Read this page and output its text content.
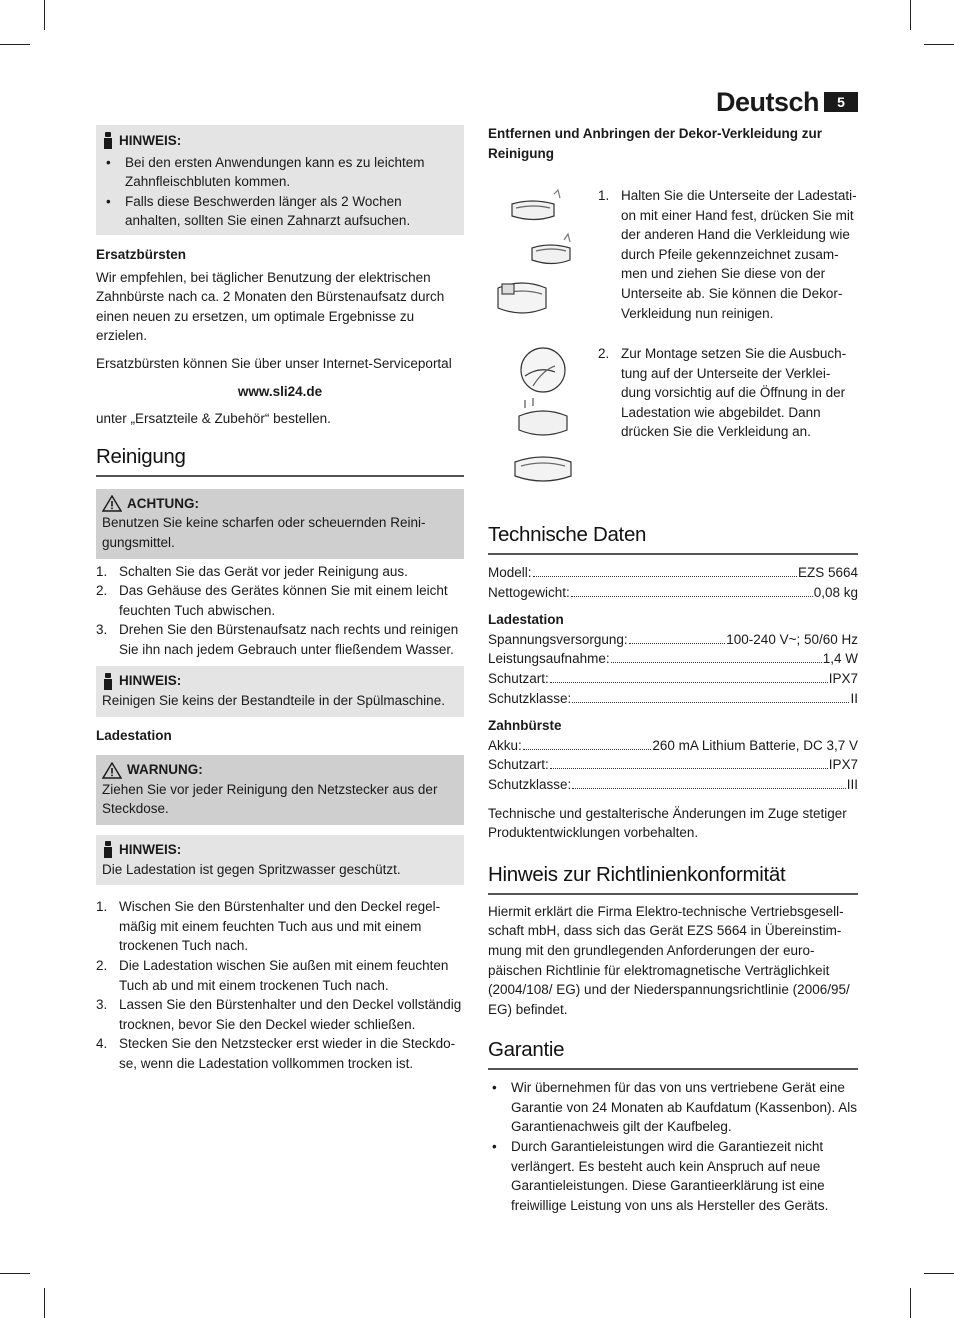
Deutsch	5
HINWEIS:
• Bei den ersten Anwendungen kann es zu leichtem Zahnfleischbluten kommen.
• Falls diese Beschwerden länger als 2 Wochen anhalten, sollten Sie einen Zahnarzt aufsuchen.
Ersatzbürsten
Wir empfehlen, bei täglicher Benutzung der elektrischen Zahnbürste nach ca. 2 Monaten den Bürstenaufsatz durch einen neuen zu ersetzen, um optimale Ergebnisse zu erzielen.
Ersatzbürsten können Sie über unser Internet-Serviceportal
www.sli24.de
unter „Ersatzteile & Zubehör“ bestellen.
Reinigung
ACHTUNG:
Benutzen Sie keine scharfen oder scheuernden Reini-gungsmittel.
1. Schalten Sie das Gerät vor jeder Reinigung aus.
2. Das Gehäuse des Gerätes können Sie mit einem leicht feuchten Tuch abwischen.
3. Drehen Sie den Bürstenaufsatz nach rechts und reinigen Sie ihn nach jedem Gebrauch unter fließendem Wasser.
HINWEIS:
Reinigen Sie keins der Bestandteile in der Spülmaschine.
Ladestation
WARNUNG:
Ziehen Sie vor jeder Reinigung den Netzstecker aus der Steckdose.
HINWEIS:
Die Ladestation ist gegen Spritzwasser geschützt.
1. Wischen Sie den Bürstenhalter und den Deckel regel-mäßig mit einem feuchten Tuch aus und mit einem trockenen Tuch nach.
2. Die Ladestation wischen Sie außen mit einem feuchten Tuch ab und mit einem trockenen Tuch nach.
3. Lassen Sie den Bürstenhalter und den Deckel vollständig trocknen, bevor Sie den Deckel wieder schließen.
4. Stecken Sie den Netzstecker erst wieder in die Steckdo-se, wenn die Ladestation vollkommen trocken ist.
Entfernen und Anbringen der Dekor-Verkleidung zur Reinigung
1. Halten Sie die Unterseite der Ladestati-on mit einer Hand fest, drücken Sie mit der anderen Hand die Verkleidung wie durch Pfeile gekennzeichnet zusam-men und ziehen Sie diese von der Unterseite ab. Sie können die Dekor-Verkleidung nun reinigen.
2. Zur Montage setzen Sie die Ausbuch-tung auf der Unterseite der Verklei-dung vorsichtig auf die Öffnung in der Ladestation wie abgebildet. Dann drücken Sie die Verkleidung an.
Technische Daten
Modell:	EZS 5664
Nettogewicht:	0,08 kg
Ladestation
Spannungsversorgung:	100-240 V~; 50/60 Hz
Leistungsaufnahme:	1,4 W
Schutzart:	IPX7
Schutzklasse:	II
Zahnbürste
Akku:	260 mA Lithium Batterie, DC 3,7 V
Schutzart:	IPX7
Schutzklasse:	III
Technische und gestalterische Änderungen im Zuge stetiger Produktentwicklungen vorbehalten.
Hinweis zur Richtlinienkonformität
Hiermit erklärt die Firma Elektro-technische Vertriebsgesell-schaft mbH, dass sich das Gerät EZS 5664 in Übereinstim-mung mit den grundlegenden Anforderungen der euro-päischen Richtlinie für elektromagnetische Verträglichkeit (2004/108/ EG) und der Niederspannungsrichtlinie (2006/95/ EG) befindet.
Garantie
• Wir übernehmen für das von uns vertriebene Gerät eine Garantie von 24 Monaten ab Kaufdatum (Kassenbon). Als Garantienachweis gilt der Kaufbeleg.
• Durch Garantieleistungen wird die Garantiezeit nicht verlängert. Es besteht auch kein Anspruch auf neue Garantieleistungen. Diese Garantieerklärung ist eine freiwillige Leistung von uns als Hersteller des Geräts.
